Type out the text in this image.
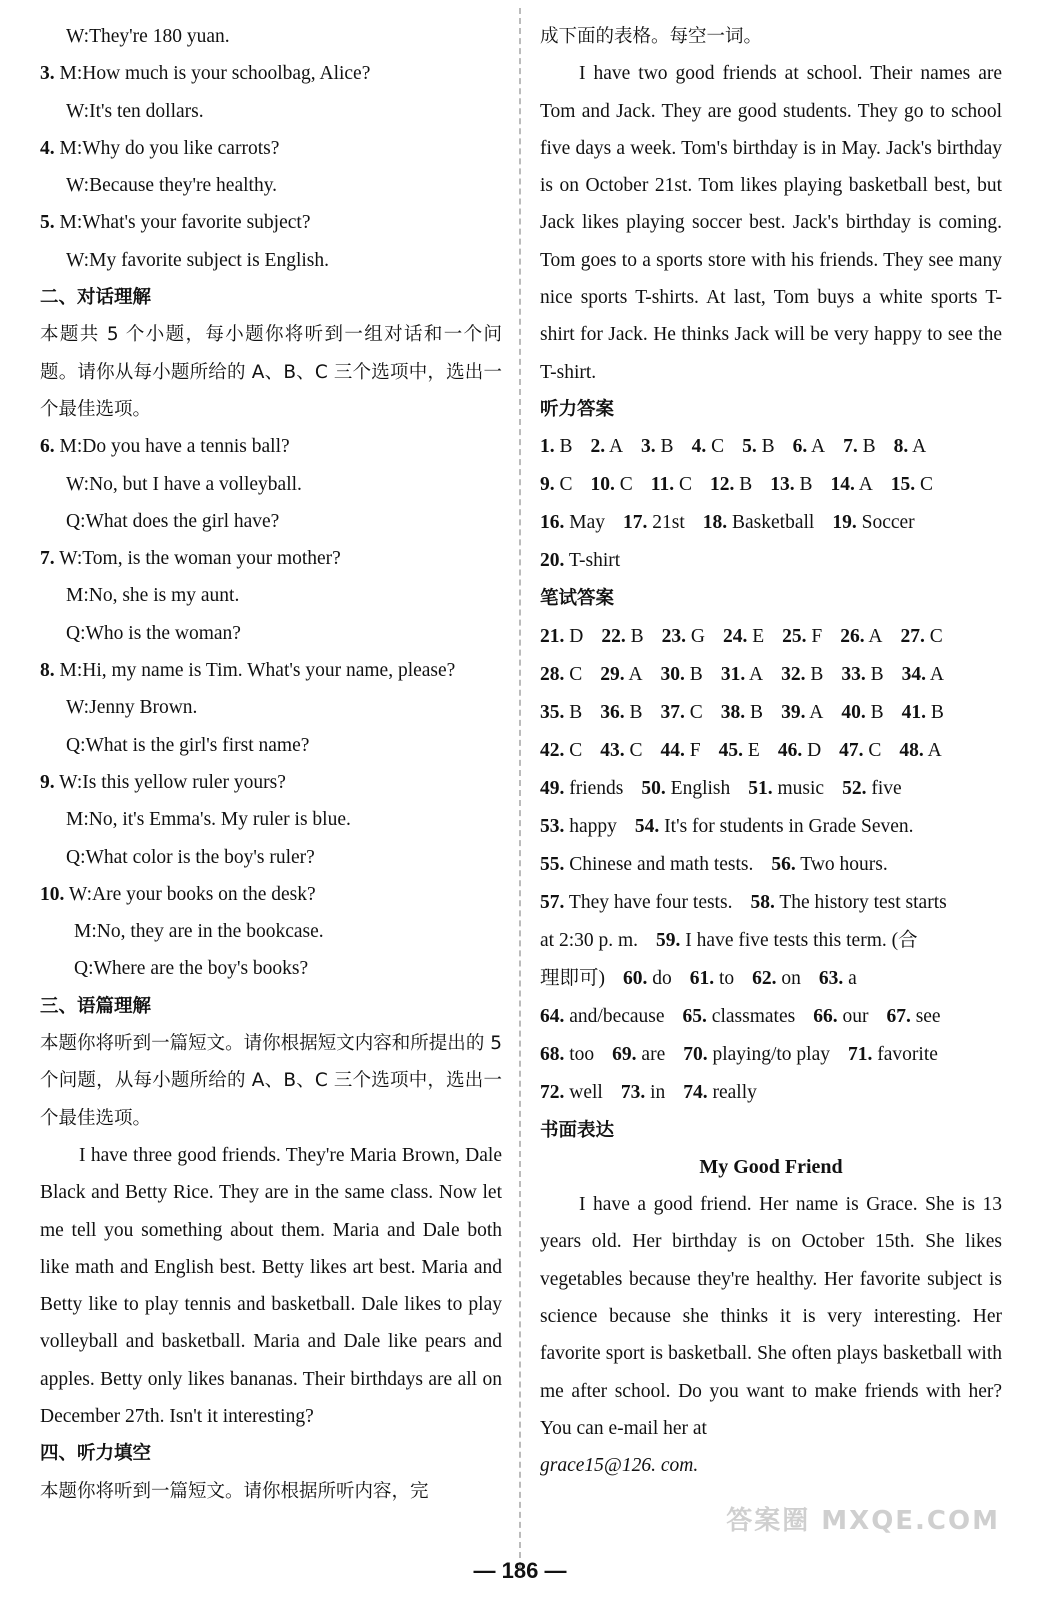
W:They're 180 yuan.
3. M:How much is your schoolbag, Alice?
W:It's ten dollars.
4. M:Why do you like carrots?
W:Because they're healthy.
5. M:What's your favorite subject?
W:My favorite subject is English.
二、对话理解
本题共 5 个小题，每小题你将听到一组对话和一个问题。请你从每小题所给的 A、B、C 三个选项中，选出一个最佳选项。
6. M:Do you have a tennis ball?
W:No, but I have a volleyball.
Q:What does the girl have?
7. W:Tom, is the woman your mother?
M:No, she is my aunt.
Q:Who is the woman?
8. M:Hi, my name is Tim. What's your name, please?
W:Jenny Brown.
Q:What is the girl's first name?
9. W:Is this yellow ruler yours?
M:No, it's Emma's. My ruler is blue.
Q:What color is the boy's ruler?
10. W:Are your books on the desk?
M:No, they are in the bookcase.
Q:Where are the boy's books?
三、语篇理解
本题你将听到一篇短文。请你根据短文内容和所提出的 5 个问题，从每小题所给的 A、B、C 三个选项中，选出一个最佳选项。
I have three good friends. They're Maria Brown, Dale Black and Betty Rice. They are in the same class. Now let me tell you something about them. Maria and Dale both like math and English best. Betty likes art best. Maria and Betty like to play tennis and basketball. Dale likes to play volleyball and basketball. Maria and Dale like pears and apples. Betty only likes bananas. Their birthdays are all on December 27th. Isn't it interesting?
四、听力填空
本题你将听到一篇短文。请你根据所听内容，完
成下面的表格。每空一词。
I have two good friends at school. Their names are Tom and Jack. They are good students. They go to school five days a week. Tom's birthday is in May. Jack's birthday is on October 21st. Tom likes playing basketball best, but Jack likes playing soccer best. Jack's birthday is coming. Tom goes to a sports store with his friends. They see many nice sports T-shirts. At last, Tom buys a white sports T-shirt for Jack. He thinks Jack will be very happy to see the T-shirt.
听力答案
1. B 2. A 3. B 4. C 5. B 6. A 7. B 8. A
9. C 10. C 11. C 12. B 13. B 14. A 15. C
16. May 17. 21st 18. Basketball 19. Soccer
20. T-shirt
笔试答案
21. D 22. B 23. G 24. E 25. F 26. A 27. C
28. C 29. A 30. B 31. A 32. B 33. B 34. A
35. B 36. B 37. C 38. B 39. A 40. B 41. B
42. C 43. C 44. F 45. E 46. D 47. C 48. A
49. friends 50. English 51. music 52. five
53. happy 54. It's for students in Grade Seven.
55. Chinese and math tests. 56. Two hours.
57. They have four tests. 58. The history test starts
at 2:30 p. m. 59. I have five tests this term. (合
理即可) 60. do 61. to 62. on 63. a
64. and/because 65. classmates 66. our 67. see
68. too 69. are 70. playing/to play 71. favorite
72. well 73. in 74. really
书面表达
My Good Friend
I have a good friend. Her name is Grace. She is 13 years old. Her birthday is on October 15th. She likes vegetables because they're healthy. Her favorite subject is science because she thinks it is very interesting. Her favorite sport is basketball. She often plays basketball with me after school. Do you want to make friends with her? You can e-mail her at
grace15@126. com.
— 186 —
答案圈 MXQE.COM
